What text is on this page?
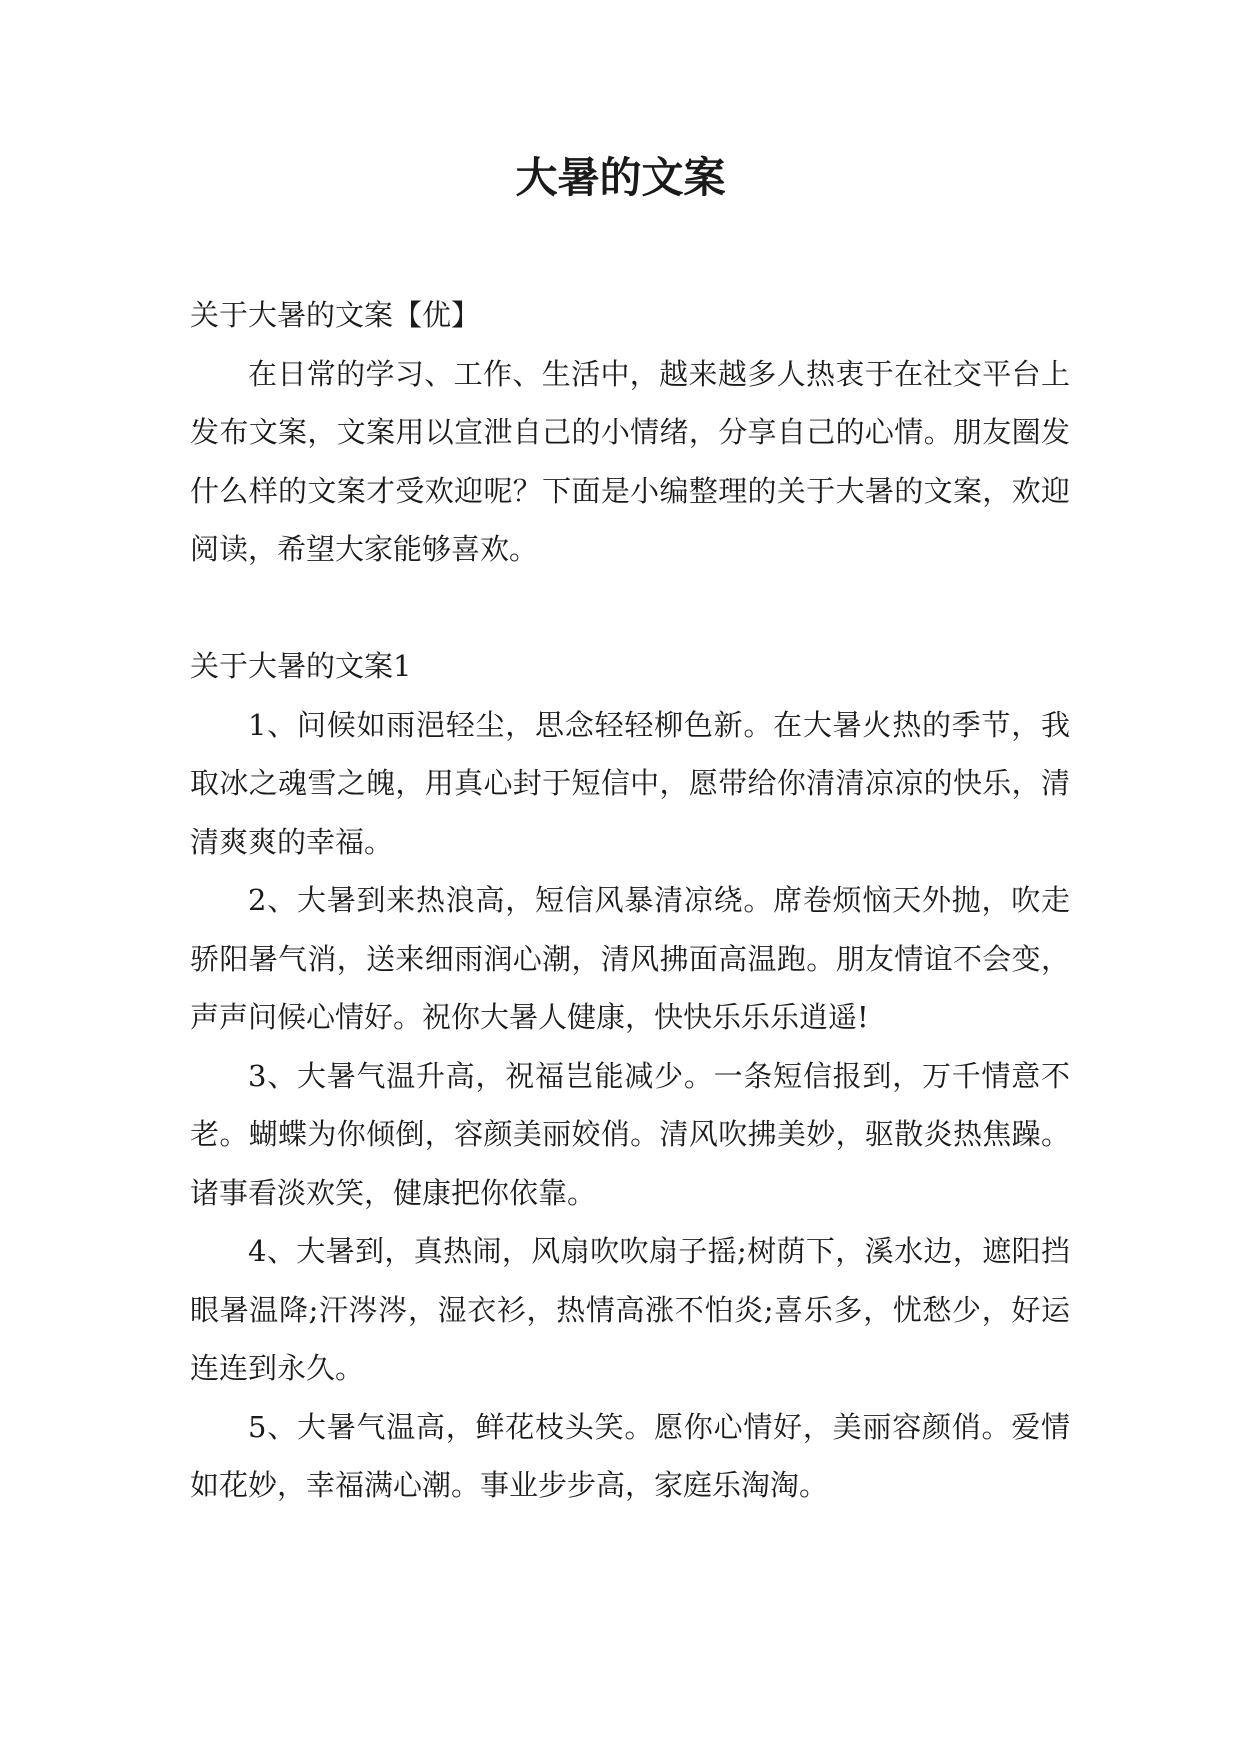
大暑的文案

关于大暑的文案【优】

在日常的学习、工作、生活中，越来越多人热衷于在社交平台上发布文案，文案用以宣泄自己的小情绪，分享自己的心情。朋友圈发什么样的文案才受欢迎呢？下面是小编整理的关于大暑的文案，欢迎阅读，希望大家能够喜欢。

关于大暑的文案1

1、问候如雨浥轻尘，思念轻轻柳色新。在大暑火热的季节，我取冰之魂雪之魄，用真心封于短信中，愿带给你清清凉凉的快乐，清清爽爽的幸福。

2、大暑到来热浪高，短信风暴清凉绕。席卷烦恼天外抛，吹走骄阳暑气消，送来细雨润心潮，清风拂面高温跑。朋友情谊不会变，声声问候心情好。祝你大暑人健康，快快乐乐乐逍遥!

3、大暑气温升高，祝福岂能减少。一条短信报到，万千情意不老。蝴蝶为你倾倒，容颜美丽姣俏。清风吹拂美妙，驱散炎热焦躁。诸事看淡欢笑，健康把你依靠。

4、大暑到，真热闹，风扇吹吹扇子摇;树荫下，溪水边，遮阳挡眼暑温降;汗涔涔，湿衣衫，热情高涨不怕炎;喜乐多，忧愁少，好运连连到永久。

5、大暑气温高，鲜花枝头笑。愿你心情好，美丽容颜俏。爱情如花妙，幸福满心潮。事业步步高，家庭乐淘淘。
